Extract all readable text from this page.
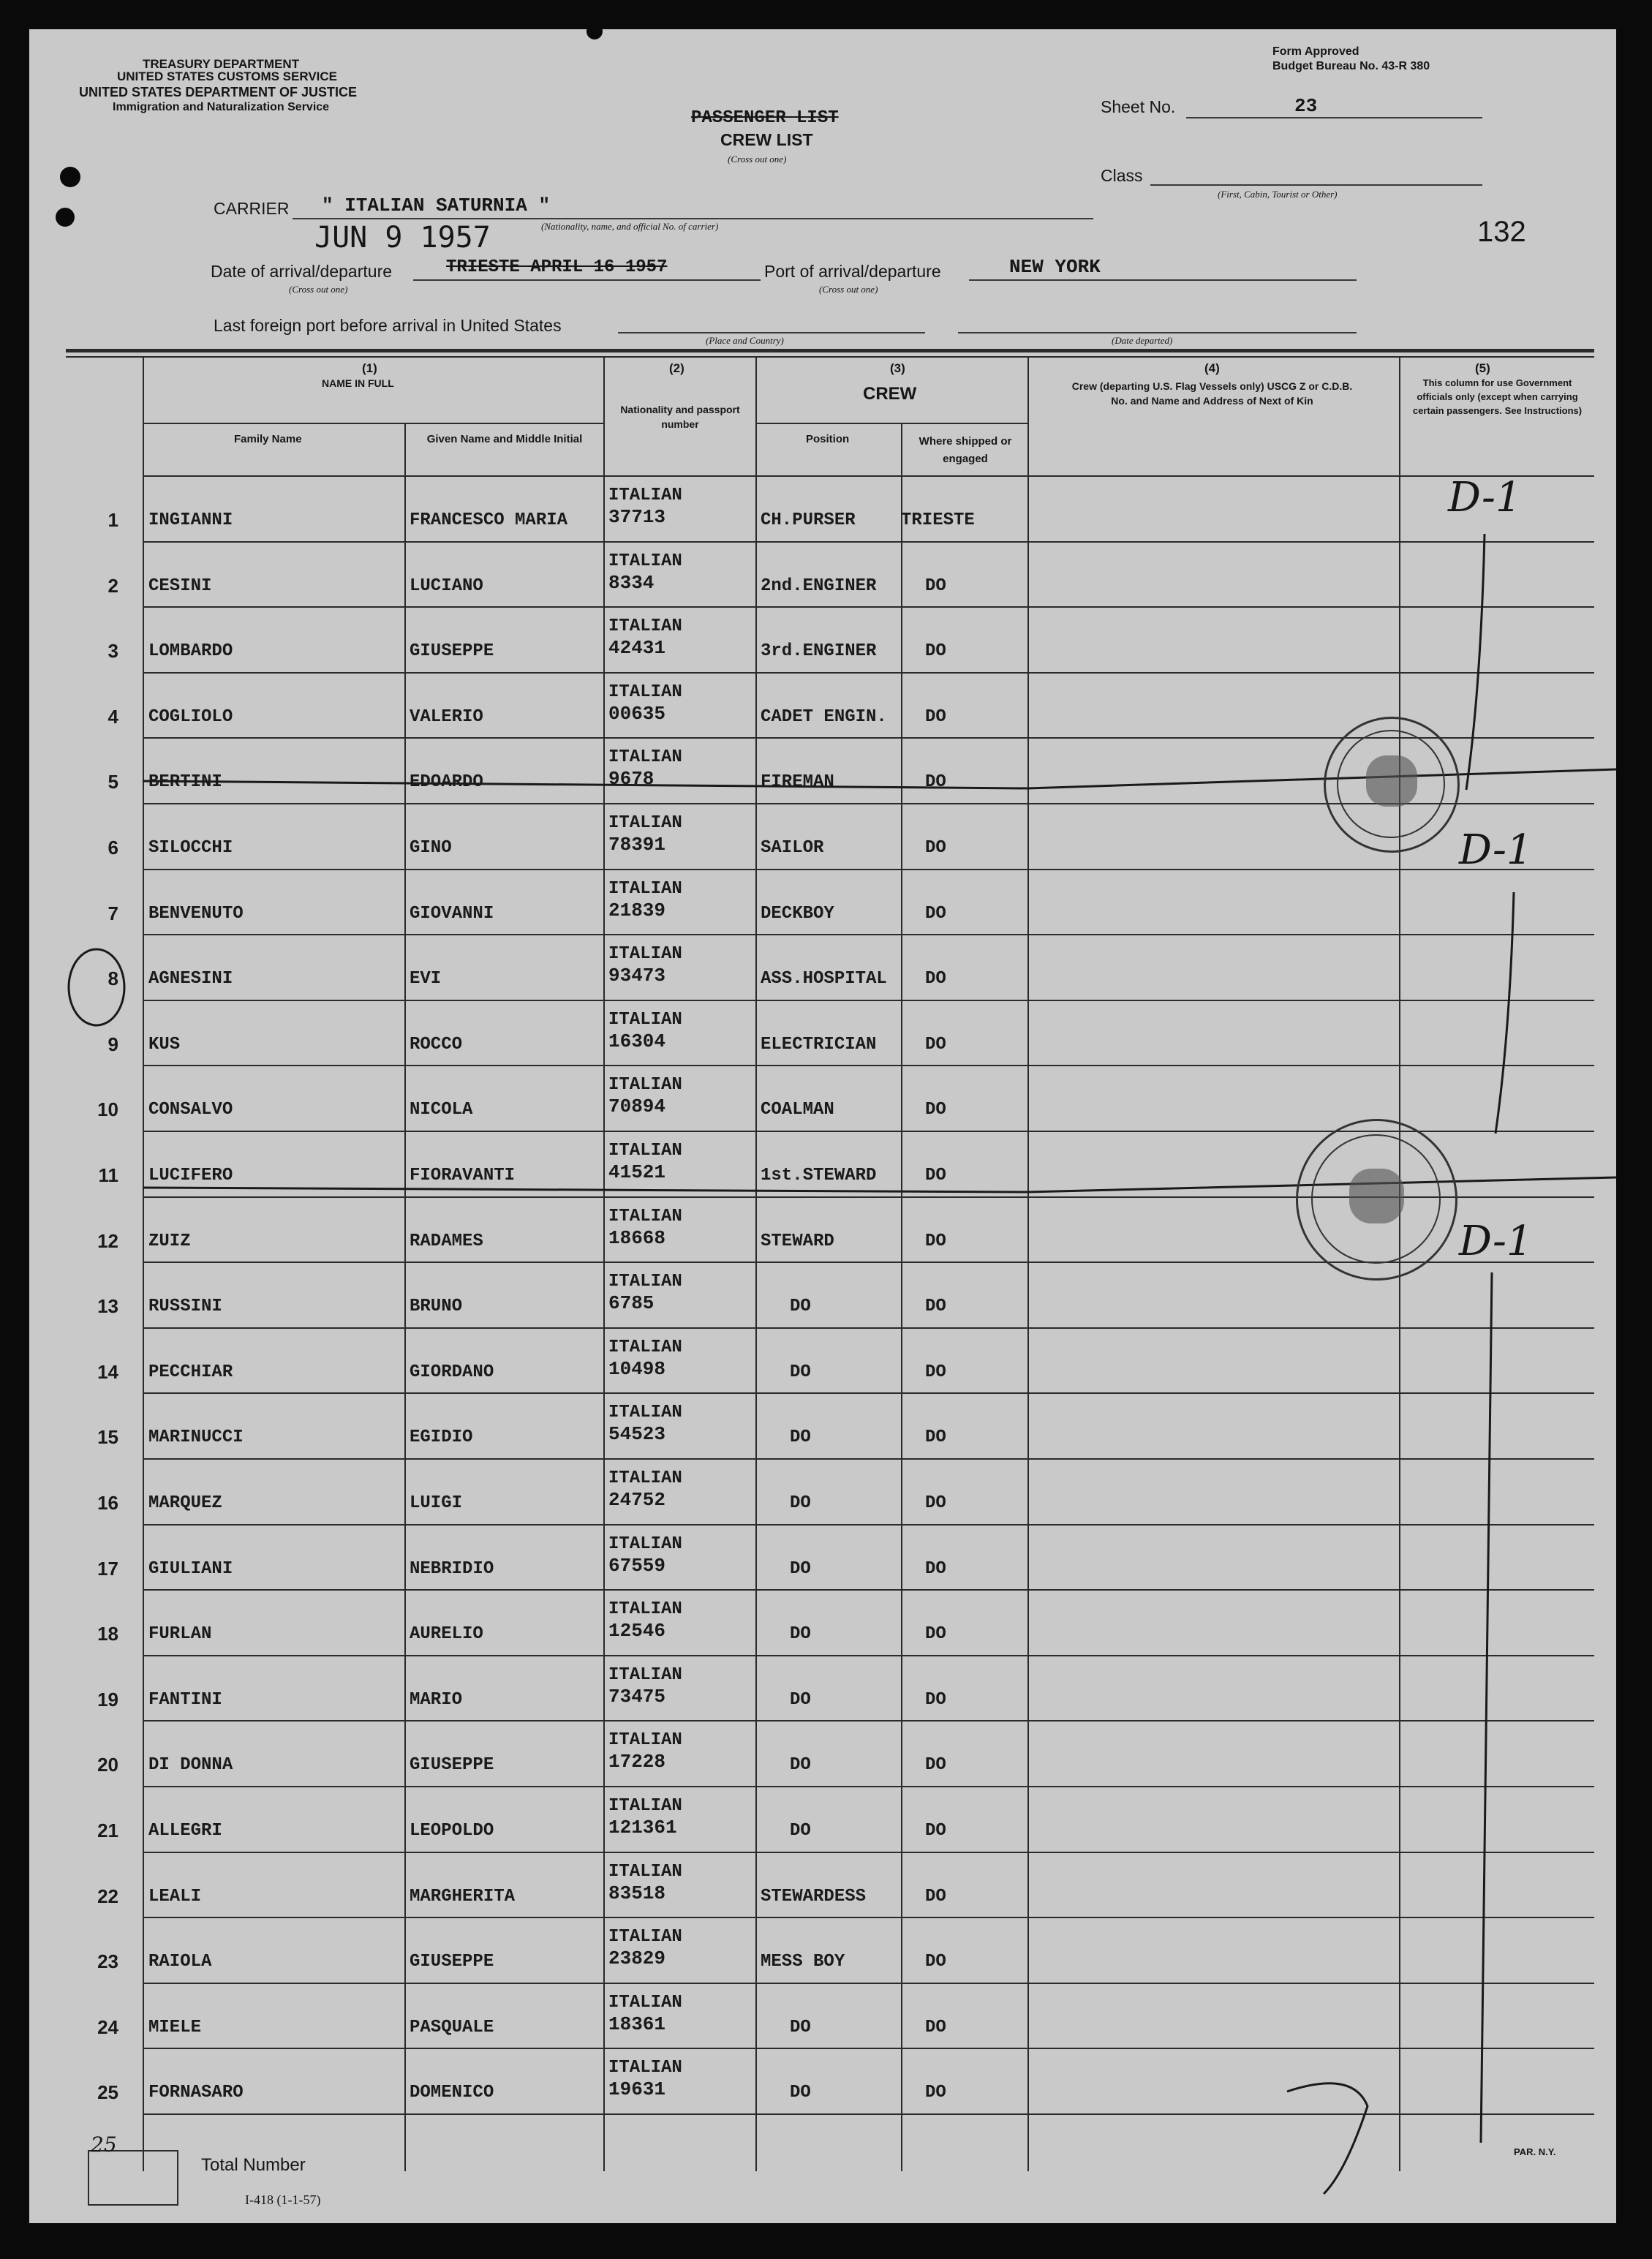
TREASURY DEPARTMENT
UNITED STATES CUSTOMS SERVICE
UNITED STATES DEPARTMENT OF JUSTICE
Immigration and Naturalization Service
Form Approved
Budget Bureau No. 43-R 380
PASSENGER LIST
CREW LIST
(Cross out one)
Sheet No.	23
Class
(First, Cabin, Tourist or Other)
132
CARRIER " ITALIAN SATURNIA "
(Nationality, name, and official No. of carrier)
JUN 9 1957
Date of arrival/departure	TRIESTE APRIL 16 1957
(Cross out one)
Port of arrival/departure	NEW YORK
(Cross out one)
Last foreign port before arrival in United States
(Place and Country)	(Date departed)
(1)
NAME IN FULL
Family Name	Given Name and Middle Initial
(2)
Nationality and passport number
(3)
CREW
Position	Where shipped or engaged
(4)
Crew (departing U.S. Flag Vessels only) USCG Z or C.D.B. No. and Name and Address of Next of Kin
(5)
This column for use Government officials only (except when carrying certain passengers. See Instructions)
1 INGIANNI	FRANCESCO MARIA
ITALIAN
37713	CH.PURSER	TRIESTE
2 CESINI	LUCIANO
ITALIAN
8334	2nd.ENGINER	DO
3 LOMBARDO	GIUSEPPE
ITALIAN
42431	3rd.ENGINER	DO
4 COGLIOLO	VALERIO
ITALIAN
00635	CADET ENGIN. DO
5 BERTINI	EDOARDO
ITALIAN
9678	FIREMAN	DO
6 SILOCCHI	GINO
ITALIAN
78391	SAILOR	DO
7 BENVENUTO	GIOVANNI
ITALIAN
21839	DECKBOY	DO
8 AGNESINI	EVI
ITALIAN
93473	ASS.HOSPITAL DO
9 KUS	ROCCO
ITALIAN
16304	ELECTRICIAN	DO
10 CONSALVO	NICOLA
ITALIAN
70894	COALMAN	DO
11 LUCIFERO	FIORAVANTI
ITALIAN
41521	1st.STEWARD	DO
12 ZUIZ	RADAMES
ITALIAN
18668	STEWARD	DO
13 RUSSINI	BRUNO
ITALIAN
6785	DO	DO
14 PECCHIAR	GIORDANO
ITALIAN
10498	DO	DO
15 MARINUCCI	EGIDIO
ITALIAN
54523	DO	DO
16 MARQUEZ	LUIGI
ITALIAN
24752	DO	DO
17 GIULIANI	NEBRIDIO
ITALIAN
67559	DO	DO
18 FURLAN	AURELIO
ITALIAN
12546	DO	DO
19 FANTINI	MARIO
ITALIAN
73475	DO	DO
20 DI DONNA	GIUSEPPE
ITALIAN
17228	DO	DO
21 ALLEGRI	LEOPOLDO
ITALIAN
121361	DO	DO
22 LEALI	MARGHERITA
ITALIAN
83518	STEWARDESS	DO
23 RAIOLA	GIUSEPPE
ITALIAN
23829	MESS BOY	DO
24 MIELE	PASQUALE
ITALIAN
18361	DO	DO
25 FORNASARO	DOMENICO
ITALIAN
19631	DO	DO
D-1
D-1
D-1
25
Total Number
I-418 (1-1-57)
PAR. N.Y.
